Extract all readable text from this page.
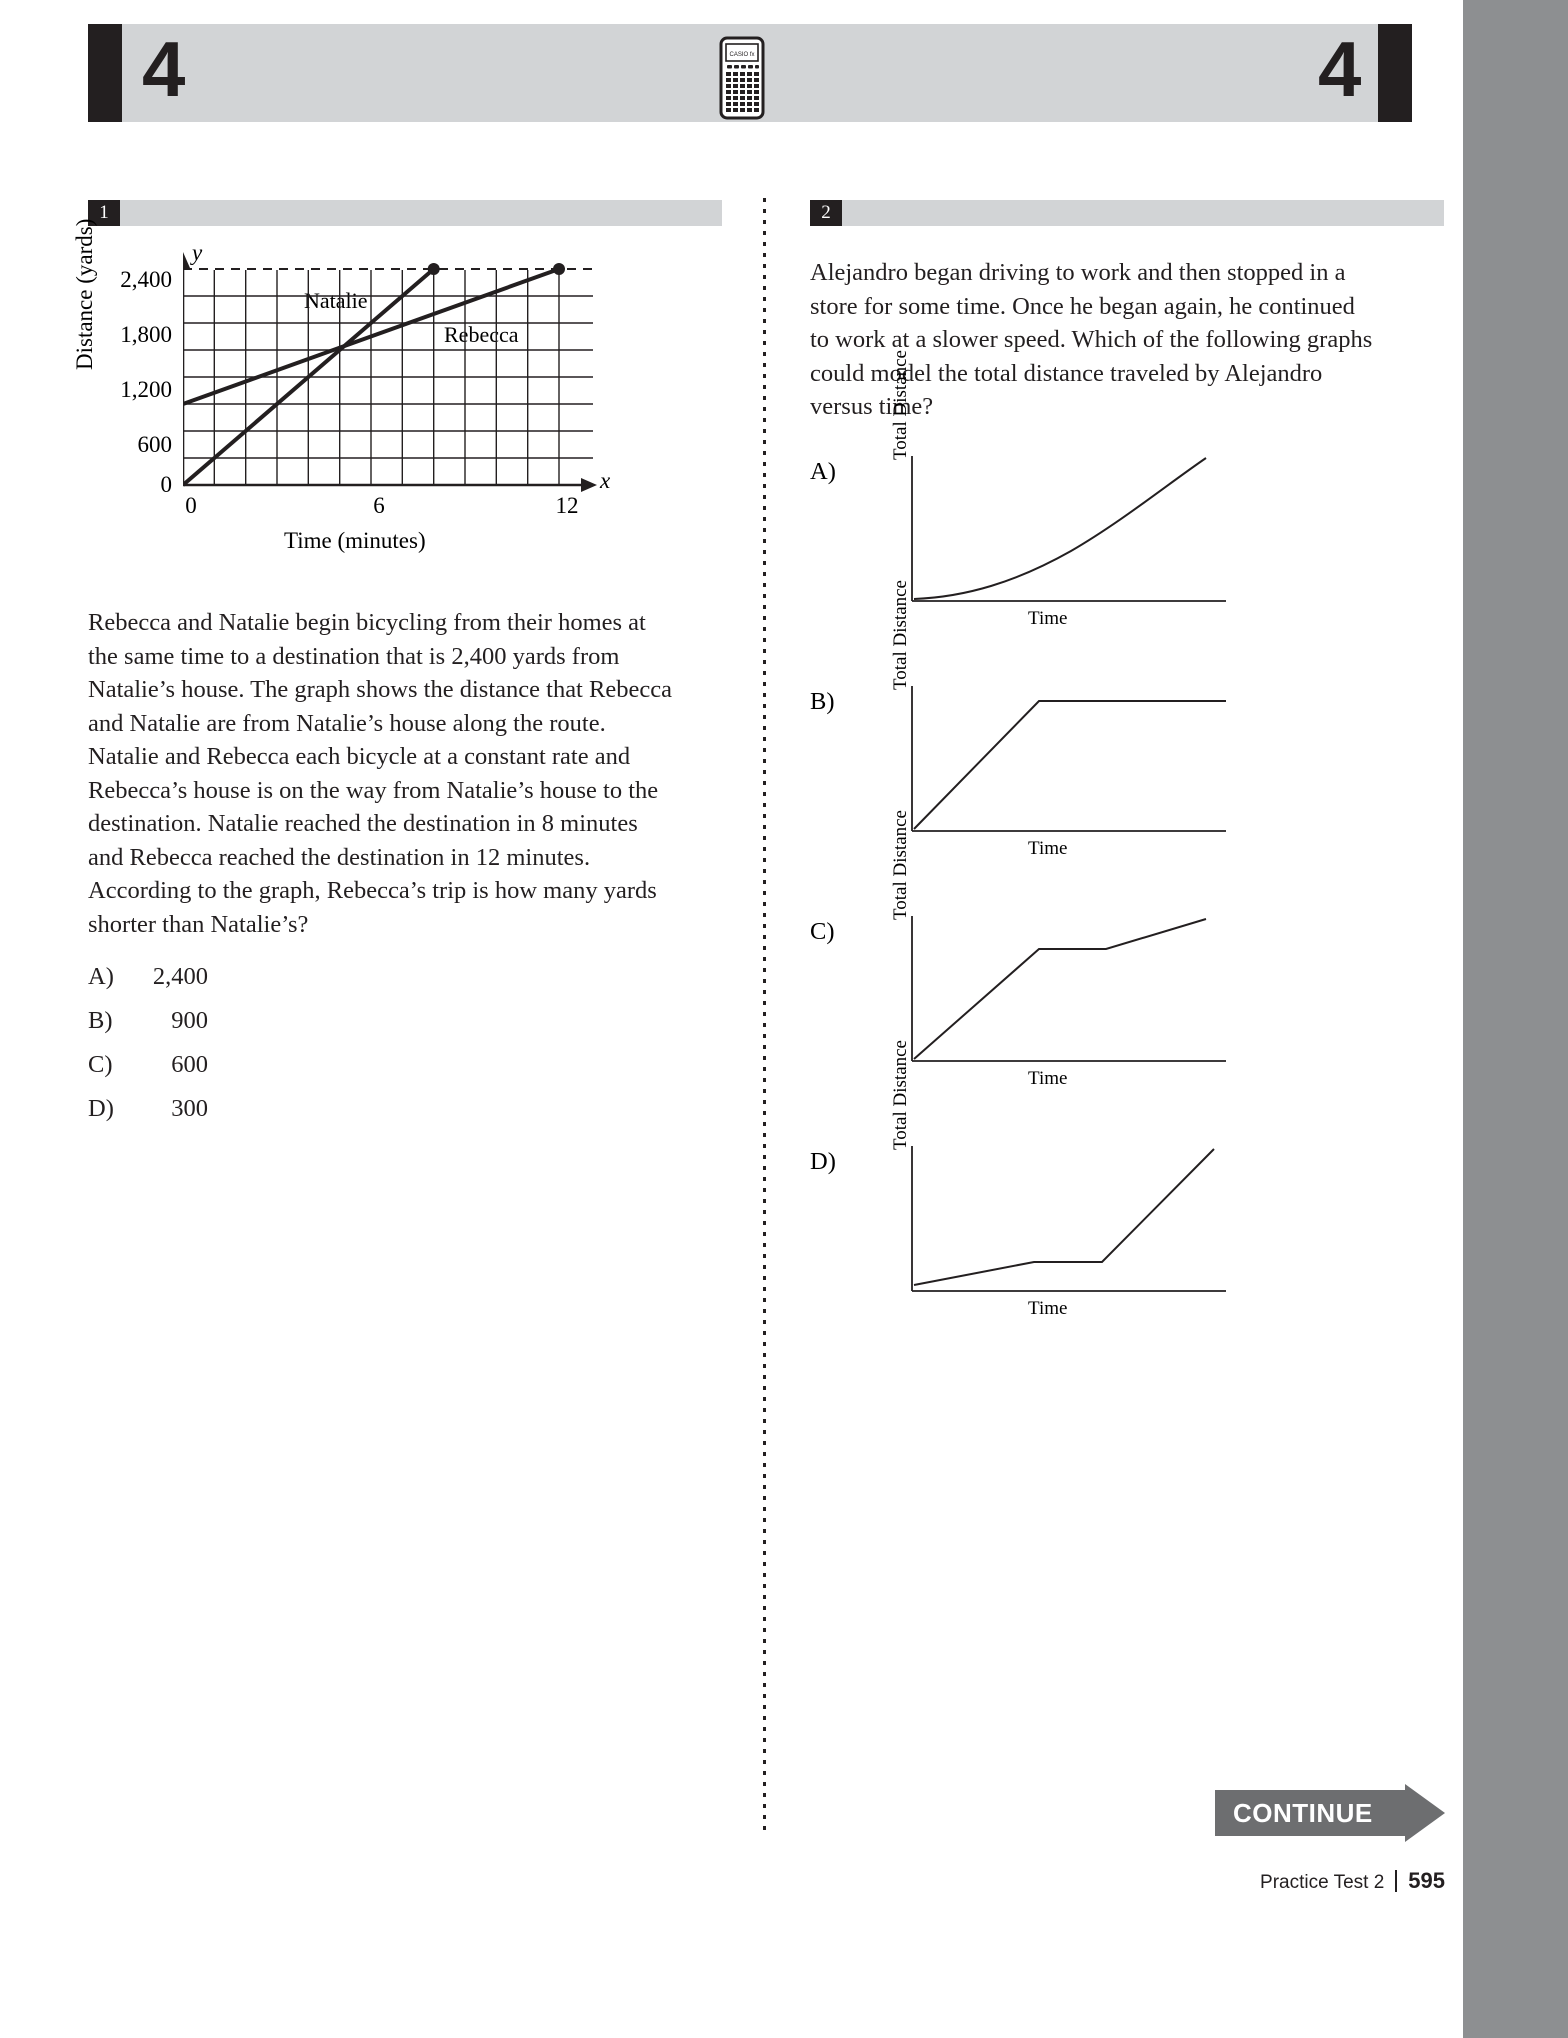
4	4
CASIO fx
1
Distance (yards)	y
x
2,400
1,800
1,200
600
0
0	6	12
Time (minutes)
Natalie
Rebecca
Rebecca and Natalie begin bicycling from their homes at the same time to a destination that is 2,400 yards from Natalie’s house. The graph shows the distance that Rebecca and Natalie are from Natalie’s house along the route. Natalie and Rebecca each bicycle at a constant rate and Rebecca’s house is on the way from Natalie’s house to the destination. Natalie reached the destination in 8 minutes and Rebecca reached the destination in 12 minutes. According to the graph, Rebecca’s trip is how many yards shorter than Natalie’s?
A)	2,400
B)	900
C)	600
D)	300
2
Alejandro began driving to work and then stopped in a store for some time. Once he began again, he continued to work at a slower speed. Which of the following graphs could model the total distance traveled by Alejandro versus time?
A)
Total Distance
Time
B)
Total Distance
Time
C)
Total Distance
Time
D)
Total Distance
Time
CONTINUE
Practice Test 2 595
